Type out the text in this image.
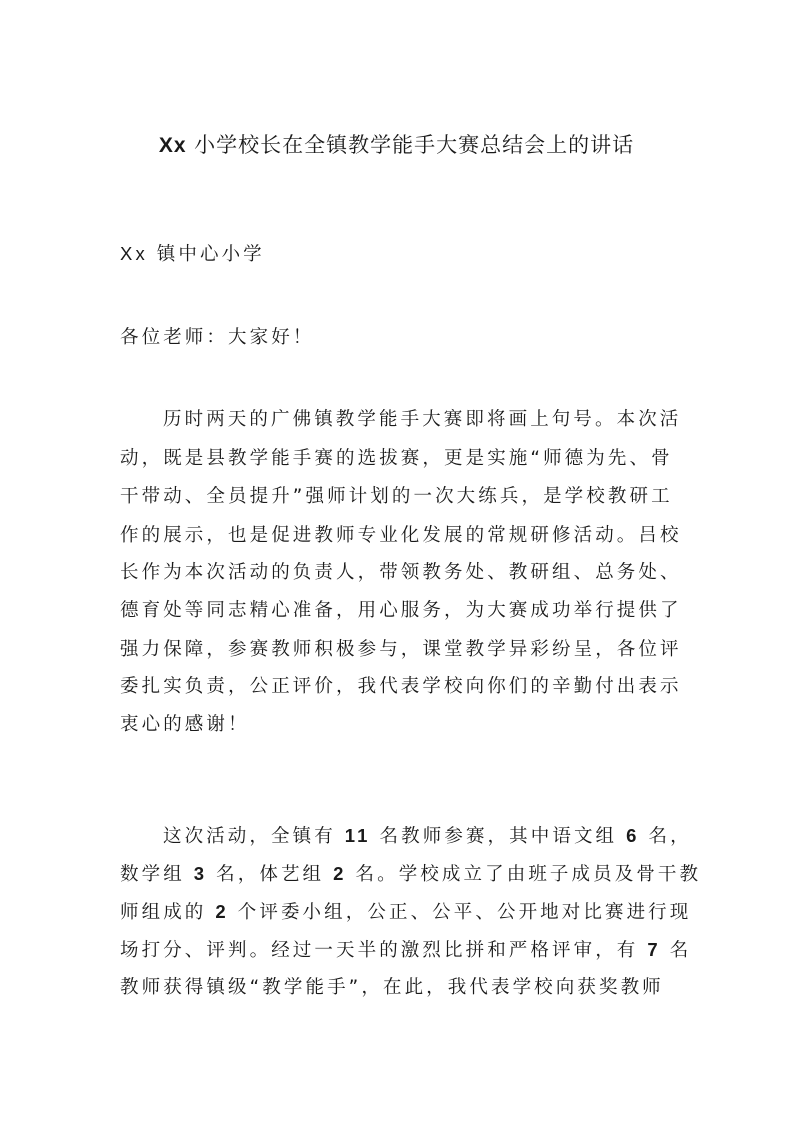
Xx 小学校长在全镇教学能手大赛总结会上的讲话
Xx 镇中心小学
各位老师：大家好！
历时两天的广佛镇教学能手大赛即将画上句号。本次活
动，既是县教学能手赛的选拔赛，更是实施“师德为先、骨
干带动、全员提升”强师计划的一次大练兵，是学校教研工
作的展示，也是促进教师专业化发展的常规研修活动。吕校
长作为本次活动的负责人，带领教务处、教研组、总务处、
德育处等同志精心准备，用心服务，为大赛成功举行提供了
强力保障，参赛教师积极参与，课堂教学异彩纷呈，各位评
委扎实负责，公正评价，我代表学校向你们的辛勤付出表示
衷心的感谢！
这次活动，全镇有 11 名教师参赛，其中语文组 6 名，
数学组 3 名，体艺组 2 名。学校成立了由班子成员及骨干教
师组成的 2 个评委小组，公正、公平、公开地对比赛进行现
场打分、评判。经过一天半的激烈比拼和严格评审，有 7 名
教师获得镇级“教学能手”，在此，我代表学校向获奖教师
